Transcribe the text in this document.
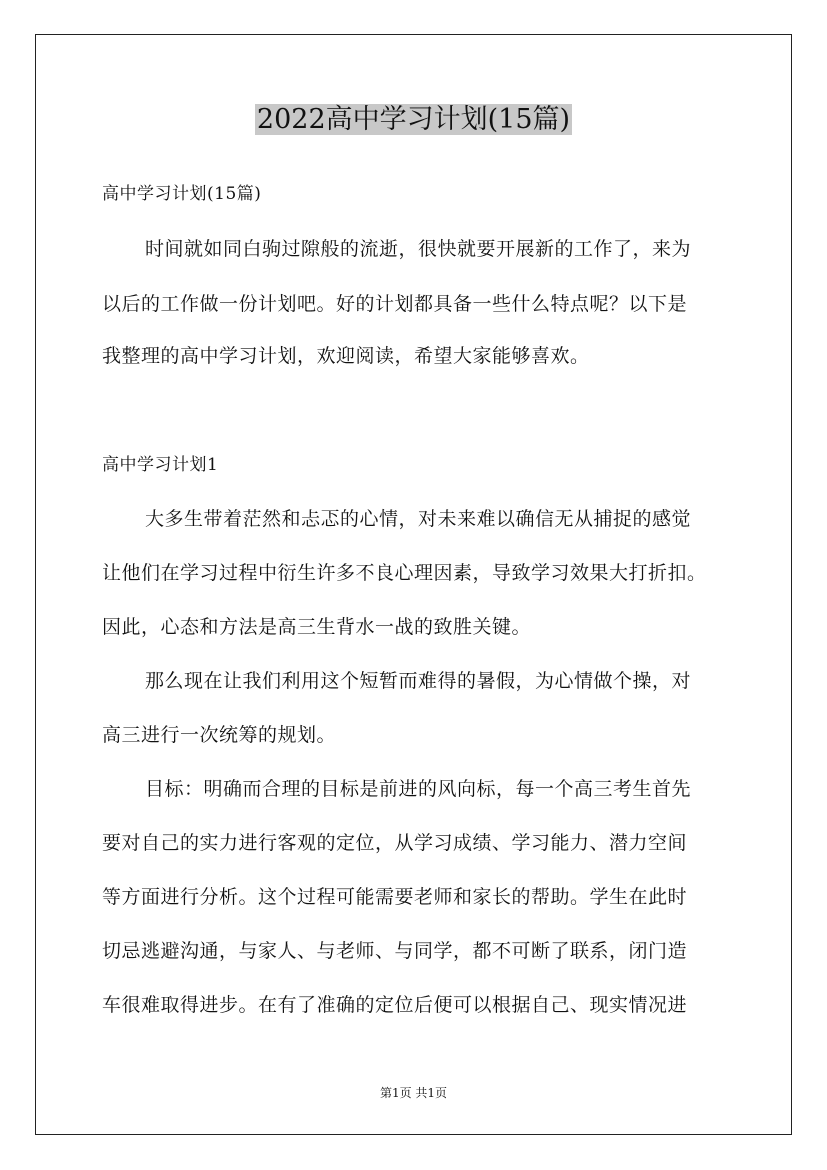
2022高中学习计划(15篇)
高中学习计划(15篇)
时间就如同白驹过隙般的流逝，很快就要开展新的工作了，来为
以后的工作做一份计划吧。好的计划都具备一些什么特点呢？以下是
我整理的高中学习计划，欢迎阅读，希望大家能够喜欢。
高中学习计划1
大多生带着茫然和忐忑的心情，对未来难以确信无从捕捉的感觉
让他们在学习过程中衍生许多不良心理因素，导致学习效果大打折扣。
因此，心态和方法是高三生背水一战的致胜关键。
那么现在让我们利用这个短暂而难得的暑假，为心情做个操，对
高三进行一次统筹的规划。
目标：明确而合理的目标是前进的风向标，每一个高三考生首先
要对自己的实力进行客观的定位，从学习成绩、学习能力、潜力空间
等方面进行分析。这个过程可能需要老师和家长的帮助。学生在此时
切忌逃避沟通，与家人、与老师、与同学，都不可断了联系，闭门造
车很难取得进步。在有了准确的定位后便可以根据自己、现实情况进
第1页 共1页
